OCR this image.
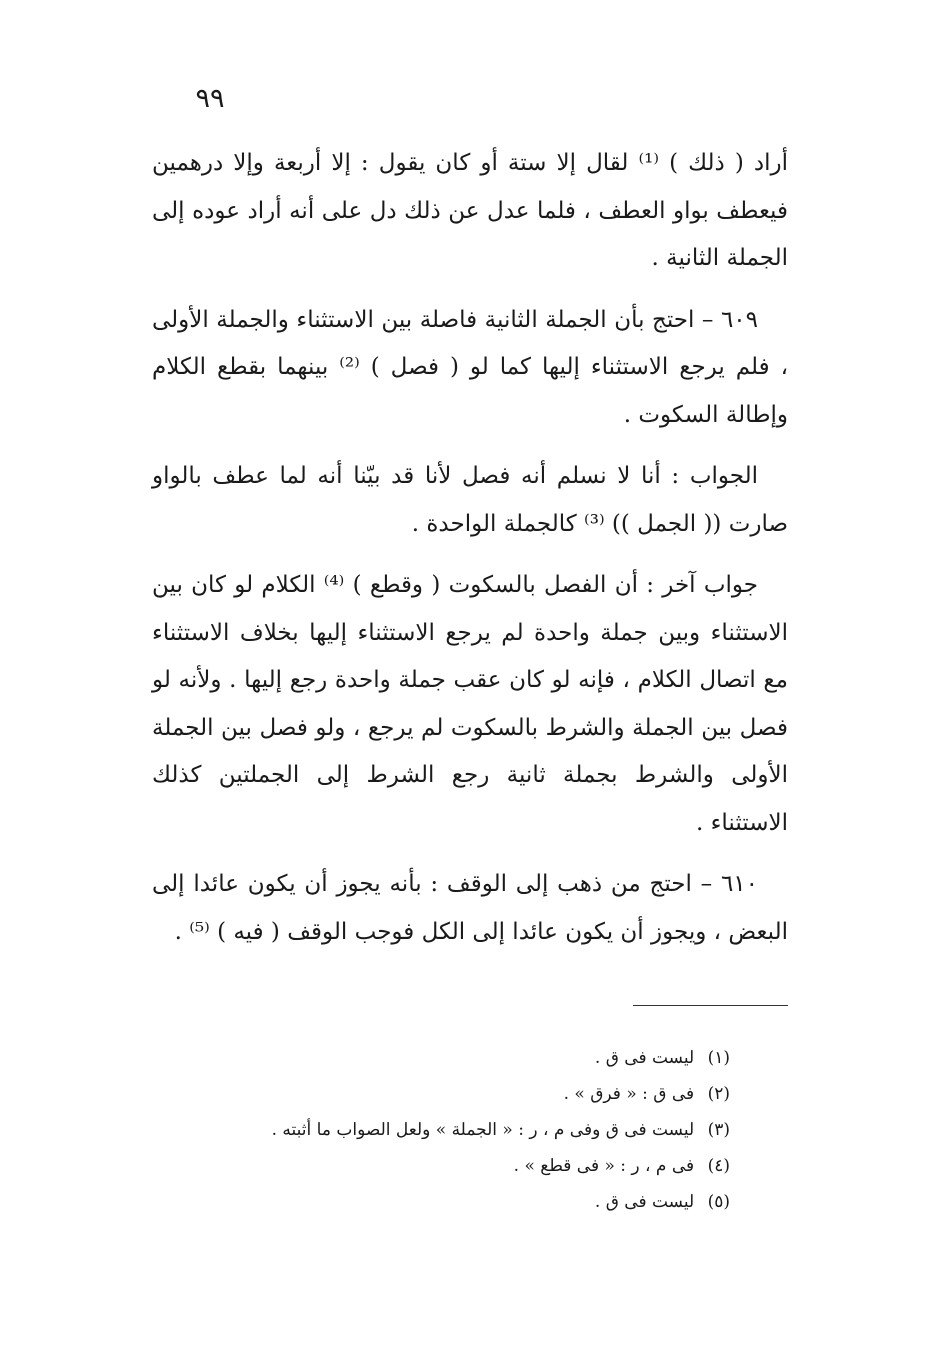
٩٩

أراد ( ذلك ) ⁽¹⁾ لقال إلا ستة أو كان يقول : إلا أربعة وإلا درهمين فيعطف بواو العطف ، فلما عدل عن ذلك دل على أنه أراد عوده إلى الجملة الثانية .

٦٠٩ – احتج بأن الجملة الثانية فاصلة بين الاستثناء والجملة الأولى ، فلم يرجع الاستثناء إليها كما لو ( فصل ) ⁽²⁾ بينهما بقطع الكلام وإطالة السكوت .

الجواب : أنا لا نسلم أنه فصل لأنا قد بيّنا أنه لما عطف بالواو صارت (( الجمل )) ⁽³⁾ كالجملة الواحدة .

جواب آخر : أن الفصل بالسكوت ( وقطع ) ⁽⁴⁾ الكلام لو كان بين الاستثناء وبين جملة واحدة لم يرجع الاستثناء إليها بخلاف الاستثناء مع اتصال الكلام ، فإنه لو كان عقب جملة واحدة رجع إليها . ولأنه لو فصل بين الجملة والشرط بالسكوت لم يرجع ، ولو فصل بين الجملة الأولى والشرط بجملة ثانية رجع الشرط إلى الجملتين كذلك الاستثناء .

٦١٠ – احتج من ذهب إلى الوقف : بأنه يجوز أن يكون عائدا إلى البعض ، ويجوز أن يكون عائدا إلى الكل فوجب الوقف ( فيه ) ⁽⁵⁾ .

(١) ليست فى ق .

(٢) فى ق : « فرق » .

(٣) ليست فى ق وفى م ، ر : « الجملة » ولعل الصواب ما أثبته .

(٤) فى م ، ر : « فى قطع » .

(٥) ليست فى ق .
